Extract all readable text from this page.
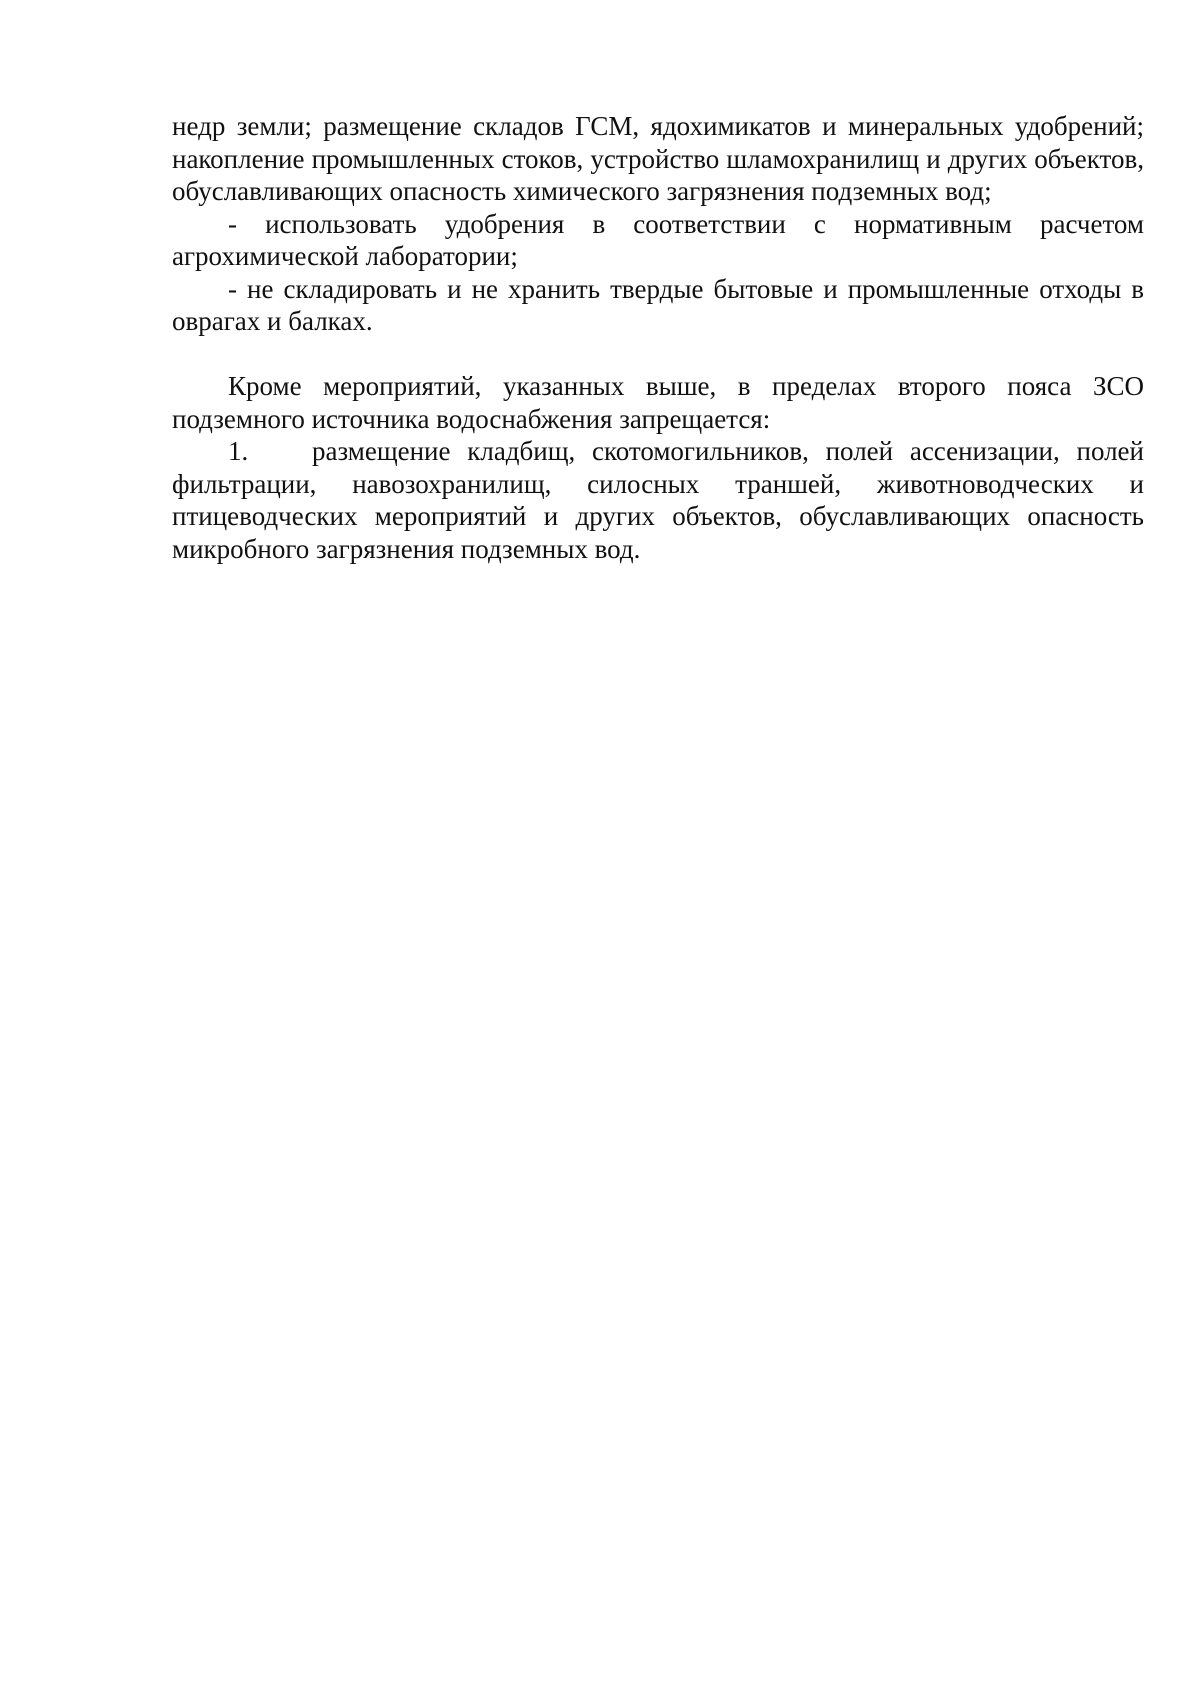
недр земли; размещение складов ГСМ, ядохимикатов и минеральных удобрений; накопление промышленных стоков, устройство шламохранилищ и других объектов, обуславливающих опасность химического загрязнения подземных вод;

- использовать удобрения в соответствии с нормативным расчетом агрохимической лаборатории;

- не складировать и не хранить твердые бытовые и промышленные отходы в оврагах и балках.

Кроме мероприятий, указанных выше, в пределах второго пояса ЗСО подземного источника водоснабжения запрещается:

1. размещение кладбищ, скотомогильников, полей ассенизации, полей фильтрации, навозохранилищ, силосных траншей, животноводческих и птицеводческих мероприятий и других объектов, обуславливающих опасность микробного загрязнения подземных вод.
